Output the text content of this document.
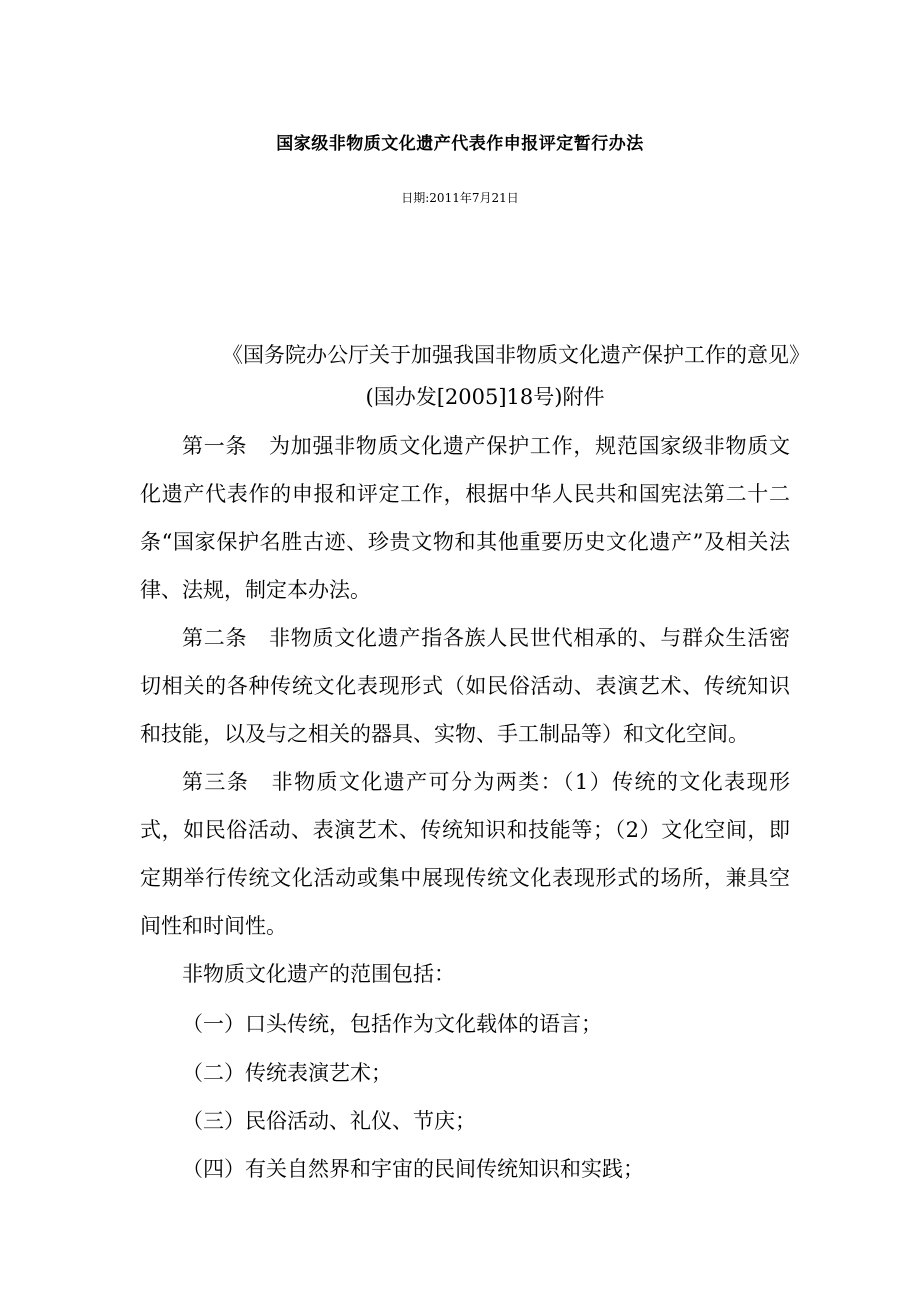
国家级非物质文化遗产代表作申报评定暂行办法
日期:2011年7月21日
《国务院办公厅关于加强我国非物质文化遗产保护工作的意见》
(国办发[2005]18号)附件

第一条　为加强非物质文化遗产保护工作，规范国家级非物质文化遗产代表作的申报和评定工作，根据中华人民共和国宪法第二十二条“国家保护名胜古迹、珍贵文物和其他重要历史文化遗产”及相关法律、法规，制定本办法。

第二条　非物质文化遗产指各族人民世代相承的、与群众生活密切相关的各种传统文化表现形式（如民俗活动、表演艺术、传统知识和技能，以及与之相关的器具、实物、手工制品等）和文化空间。

第三条　非物质文化遗产可分为两类：（1）传统的文化表现形式，如民俗活动、表演艺术、传统知识和技能等；（2）文化空间，即定期举行传统文化活动或集中展现传统文化表现形式的场所，兼具空间性和时间性。

非物质文化遗产的范围包括：

（一）口头传统，包括作为文化载体的语言；
（二）传统表演艺术；
（三）民俗活动、礼仪、节庆；
（四）有关自然界和宇宙的民间传统知识和实践；
